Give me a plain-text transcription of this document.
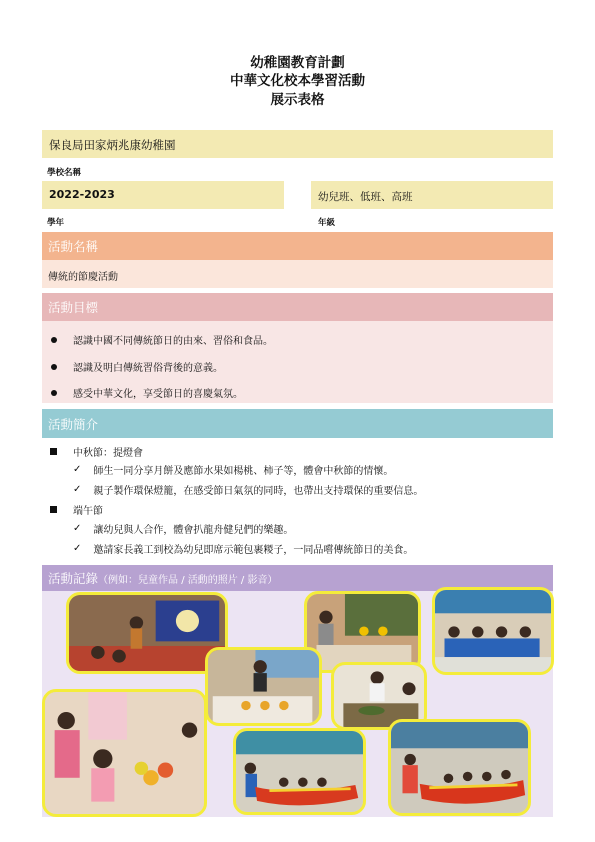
幼稚園教育計劃
中華文化校本學習活動
展示表格
保良局田家炳兆康幼稚園
學校名稱
2022-2023
學年
幼兒班、低班、高班
年級
活動名稱
傳統的節慶活動
活動目標
認識中國不同傳統節日的由來、習俗和食品。
認識及明白傳統習俗背後的意義。
感受中華文化，享受節日的喜慶氣氛。
活動簡介
中秋節：提燈會
✓ 師生一同分享月餅及應節水果如楊桃、柿子等，體會中秋節的情懷。
✓ 親子製作環保燈籠，在感受節日氣氛的同時，也帶出支持環保的重要信息。
端午節
✓ 讓幼兒與人合作，體會扒龍舟健兒們的樂趣。
✓ 邀請家長義工到校為幼兒即席示範包裹糉子，一同品嚐傳統節日的美食。
活動記錄 （例如：兒童作品 / 活動的照片 / 影音）
